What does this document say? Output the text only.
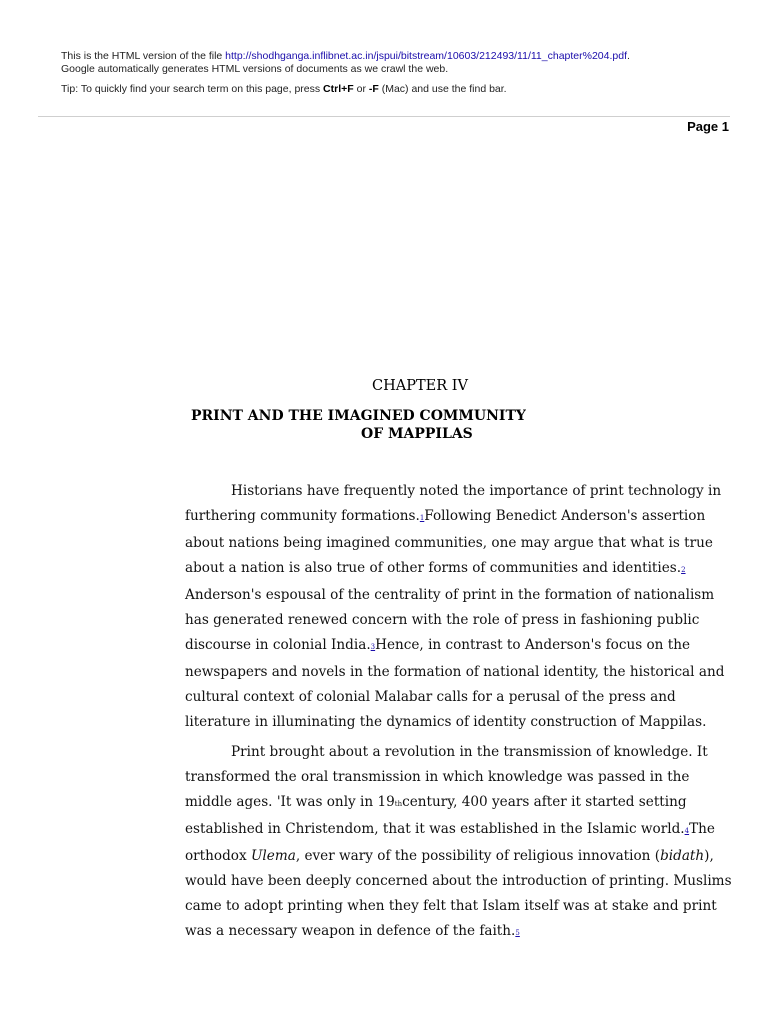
This is the HTML version of the file http://shodhganga.inflibnet.ac.in/jspui/bitstream/10603/212493/11/11_chapter%204.pdf.
Google automatically generates HTML versions of documents as we crawl the web.
Tip: To quickly find your search term on this page, press Ctrl+F or -F (Mac) and use the find bar.
Page 1
CHAPTER IV
PRINT AND THE IMAGINED COMMUNITY
OF MAPPILAS
Historians have frequently noted the importance of print technology in furthering community formations.1Following Benedict Anderson's assertion about nations being imagined communities, one may argue that what is true about a nation is also true of other forms of communities and identities.2 Anderson's espousal of the centrality of print in the formation of nationalism has generated renewed concern with the role of press in fashioning public discourse in colonial India.3Hence, in contrast to Anderson's focus on the newspapers and novels in the formation of national identity, the historical and cultural context of colonial Malabar calls for a perusal of the press and literature in illuminating the dynamics of identity construction of Mappilas.
Print brought about a revolution in the transmission of knowledge. It transformed the oral transmission in which knowledge was passed in the middle ages. 'It was only in 19thcentury, 400 years after it started setting established in Christendom, that it was established in the Islamic world.4The orthodox Ulema, ever wary of the possibility of religious innovation (bidath), would have been deeply concerned about the introduction of printing. Muslims came to adopt printing when they felt that Islam itself was at stake and print was a necessary weapon in defence of the faith.5
